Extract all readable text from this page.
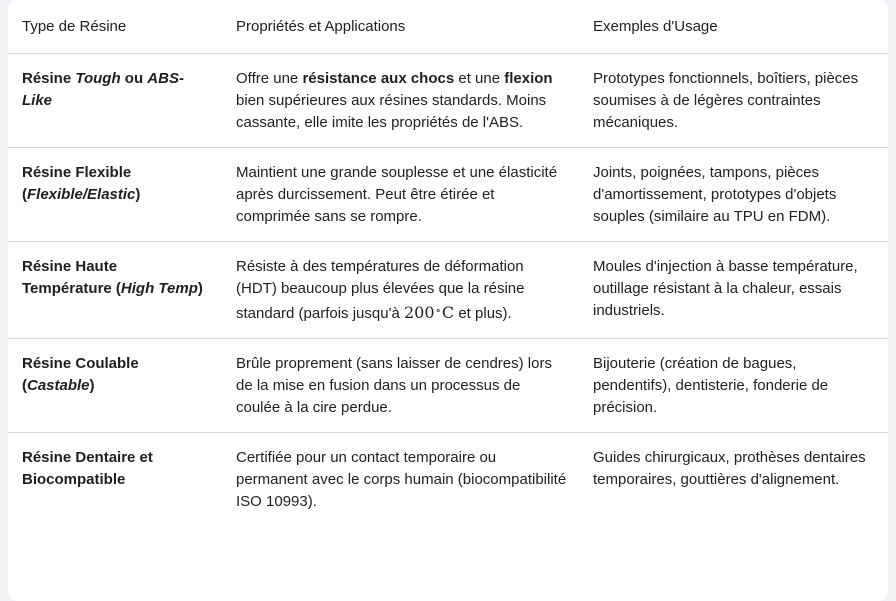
Type de Résine	Propriétés et Applications	Exemples d'Usage
Résine Tough ou ABS-Like	Offre une résistance aux chocs et une flexion bien supérieures aux résines standards. Moins cassante, elle imite les propriétés de l'ABS.	Prototypes fonctionnels, boîtiers, pièces soumises à de légères contraintes mécaniques.
Résine Flexible (Flexible/Elastic)	Maintient une grande souplesse et une élasticité après durcissement. Peut être étirée et comprimée sans se rompre.	Joints, poignées, tampons, pièces d'amortissement, prototypes d'objets souples (similaire au TPU en FDM).
Résine Haute Température (High Temp)	Résiste à des températures de déformation (HDT) beaucoup plus élevées que la résine standard (parfois jusqu'à 200∘C et plus).	Moules d'injection à basse température, outillage résistant à la chaleur, essais industriels.
Résine Coulable (Castable)	Brûle proprement (sans laisser de cendres) lors de la mise en fusion dans un processus de coulée à la cire perdue.	Bijouterie (création de bagues, pendentifs), dentisterie, fonderie de précision.
Résine Dentaire et Biocompatible	Certifiée pour un contact temporaire ou permanent avec le corps humain (biocompatibilité ISO 10993).	Guides chirurgicaux, prothèses dentaires temporaires, gouttières d'alignement.
